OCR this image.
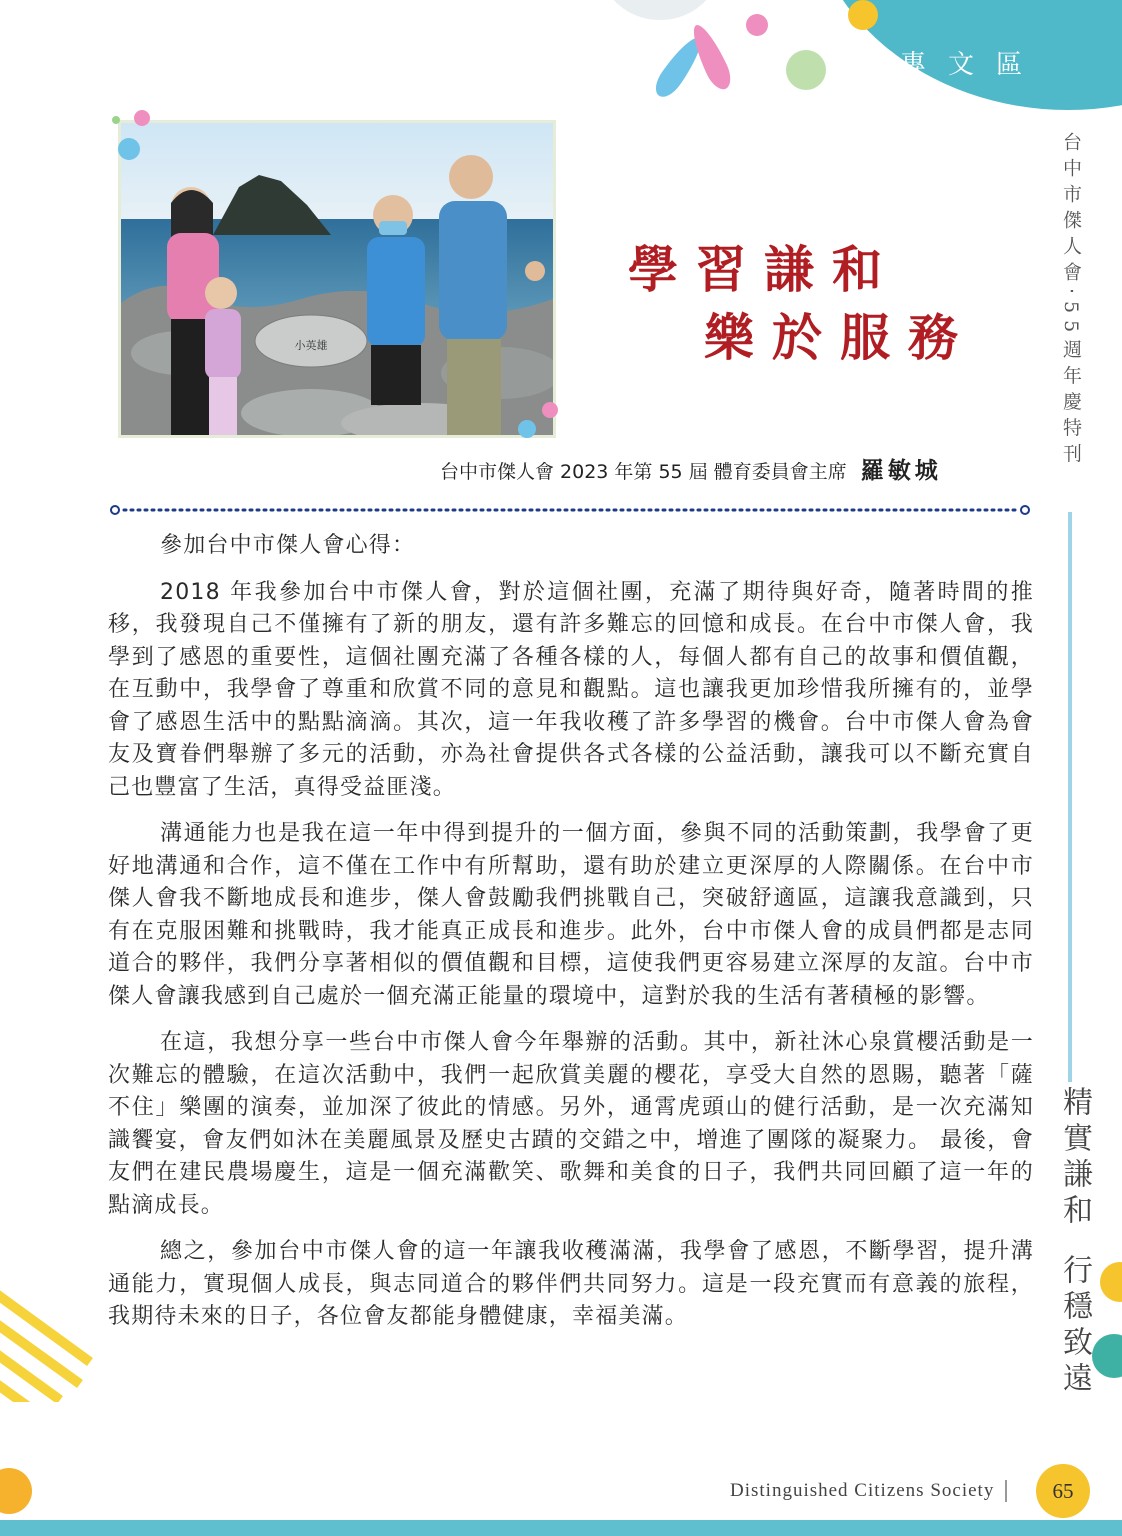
專文區
小英雄
學習謙和
樂於服務
台中市傑人會 2023 年第 55 屆 體育委員會主席 羅敏城

參加台中市傑人會心得：

2018 年我參加台中市傑人會，對於這個社團，充滿了期待與好奇，隨著時間的推移，我發現自己不僅擁有了新的朋友，還有許多難忘的回憶和成長。在台中市傑人會，我學到了感恩的重要性，這個社團充滿了各種各樣的人，每個人都有自己的故事和價值觀，在互動中，我學會了尊重和欣賞不同的意見和觀點。這也讓我更加珍惜我所擁有的，並學會了感恩生活中的點點滴滴。其次，這一年我收穫了許多學習的機會。台中市傑人會為會友及寶眷們舉辦了多元的活動，亦為社會提供各式各樣的公益活動，讓我可以不斷充實自己也豐富了生活，真得受益匪淺。

溝通能力也是我在這一年中得到提升的一個方面，參與不同的活動策劃，我學會了更好地溝通和合作，這不僅在工作中有所幫助，還有助於建立更深厚的人際關係。在台中市傑人會我不斷地成長和進步，傑人會鼓勵我們挑戰自己，突破舒適區，這讓我意識到，只有在克服困難和挑戰時，我才能真正成長和進步。此外，台中市傑人會的成員們都是志同道合的夥伴，我們分享著相似的價值觀和目標，這使我們更容易建立深厚的友誼。台中市傑人會讓我感到自己處於一個充滿正能量的環境中，這對於我的生活有著積極的影響。

在這，我想分享一些台中市傑人會今年舉辦的活動。其中，新社沐心泉賞櫻活動是一次難忘的體驗，在這次活動中，我們一起欣賞美麗的櫻花，享受大自然的恩賜，聽著「薩不住」樂團的演奏，並加深了彼此的情感。另外，通霄虎頭山的健行活動，是一次充滿知識饗宴，會友們如沐在美麗風景及歷史古蹟的交錯之中，增進了團隊的凝聚力。 最後，會友們在建民農場慶生，這是一個充滿歡笑、歌舞和美食的日子，我們共同回顧了這一年的點滴成長。

總之，參加台中市傑人會的這一年讓我收穫滿滿，我學會了感恩，不斷學習，提升溝通能力，實現個人成長，與志同道合的夥伴們共同努力。這是一段充實而有意義的旅程，我期待未來的日子，各位會友都能身體健康，幸福美滿。

台中市傑人會‧55週年慶特刊
精實謙和
行穩致遠
Distinguished Citizens Society	65
